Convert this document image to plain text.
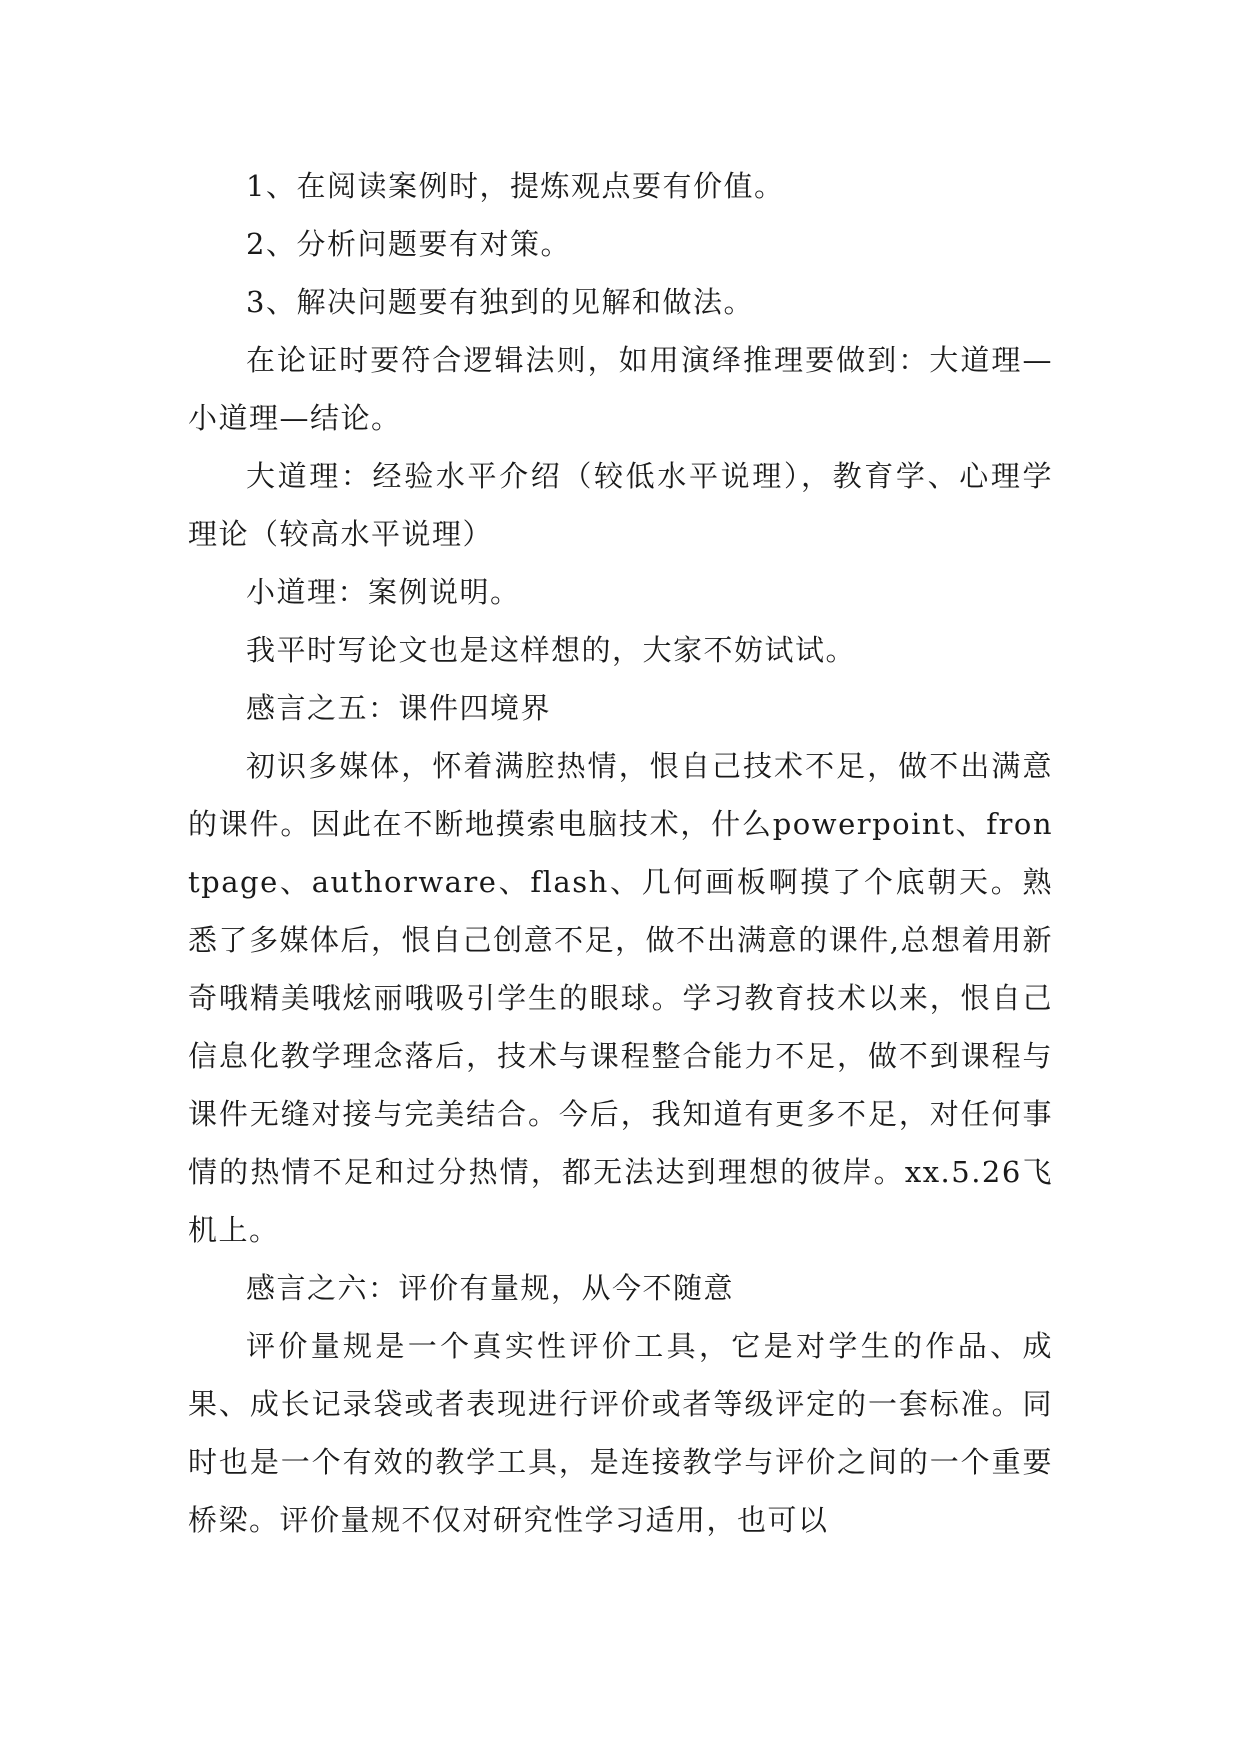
1、在阅读案例时，提炼观点要有价值。

2、分析问题要有对策。

3、解决问题要有独到的见解和做法。

在论证时要符合逻辑法则，如用演绎推理要做到：大道理—小道理—结论。

大道理：经验水平介绍（较低水平说理），教育学、心理学理论（较高水平说理）

小道理：案例说明。

我平时写论文也是这样想的，大家不妨试试。

感言之五：课件四境界

初识多媒体，怀着满腔热情，恨自己技术不足，做不出满意的课件。因此在不断地摸索电脑技术，什么powerpoint、frontpage、authorware、flash、几何画板啊摸了个底朝天。熟悉了多媒体后，恨自己创意不足，做不出满意的课件,总想着用新奇哦精美哦炫丽哦吸引学生的眼球。学习教育技术以来，恨自己信息化教学理念落后，技术与课程整合能力不足，做不到课程与课件无缝对接与完美结合。今后，我知道有更多不足，对任何事情的热情不足和过分热情，都无法达到理想的彼岸。xx.5.26飞机上。

感言之六：评价有量规，从今不随意

评价量规是一个真实性评价工具，它是对学生的作品、成果、成长记录袋或者表现进行评价或者等级评定的一套标准。同时也是一个有效的教学工具，是连接教学与评价之间的一个重要桥梁。评价量规不仅对研究性学习适用，也可以
